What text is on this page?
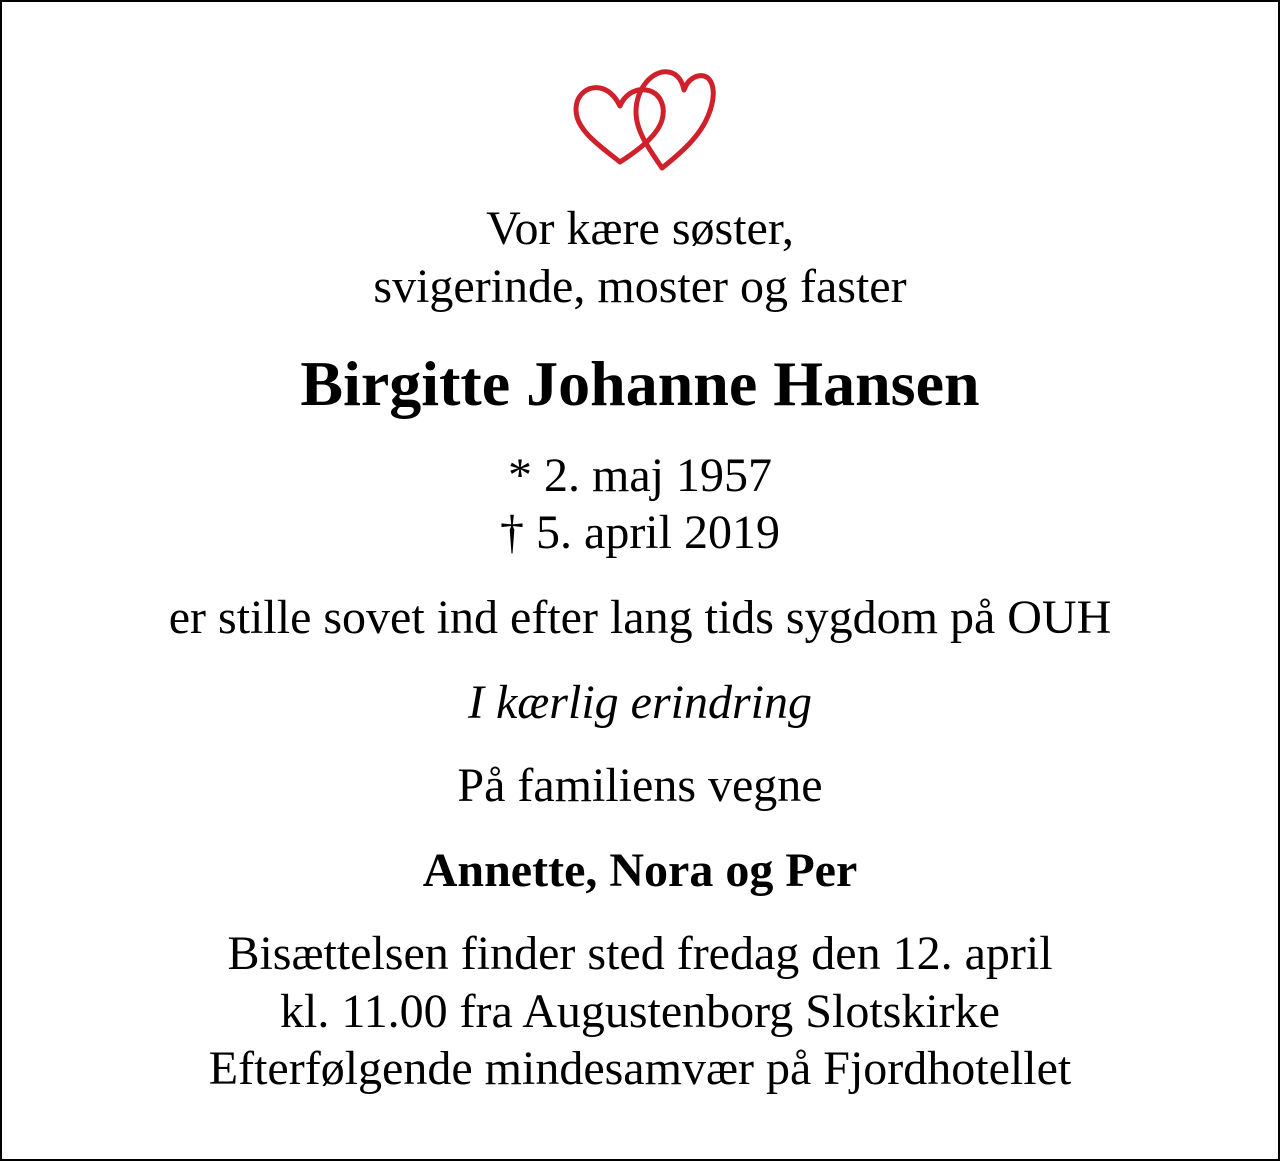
Vor kære søster,
svigerinde, moster og faster
Birgitte Johanne Hansen
* 2. maj 1957
† 5. april 2019
er stille sovet ind efter lang tids sygdom på OUH
I kærlig erindring
På familiens vegne
Annette, Nora og Per
Bisættelsen finder sted fredag den 12. april
kl. 11.00 fra Augustenborg Slotskirke
Efterfølgende mindesamvær på Fjordhotellet
